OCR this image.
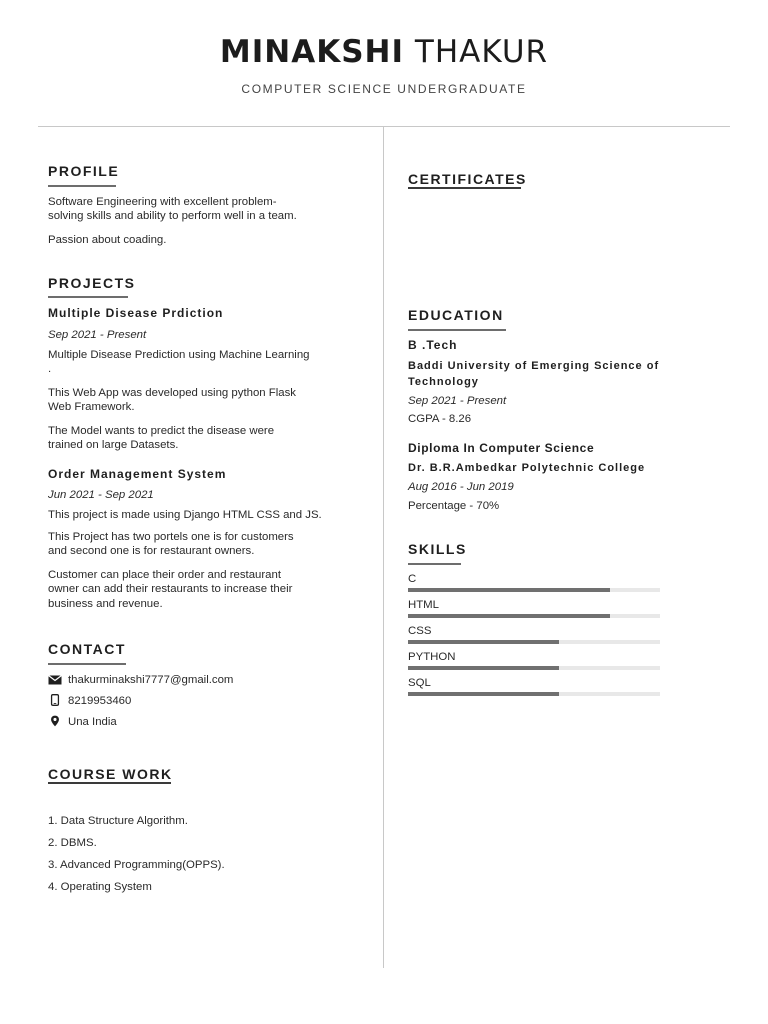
MINAKSHI THAKUR
COMPUTER SCIENCE UNDERGRADUATE
PROFILE
Software Engineering with excellent problem-
solving skills and ability to perform well in a team.
Passion about coading.
PROJECTS
Multiple Disease Prdiction
Sep 2021 - Present
Multiple Disease Prediction using Machine Learning
.
This Web App was developed using python Flask
Web Framework.
The Model wants to predict the disease were
trained on large Datasets.
Order Management System
Jun 2021 - Sep 2021
This project is made using Django HTML CSS and JS.
This Project has two portels one is for customers
and second one is for restaurant owners.
Customer can place their order and restaurant
owner can add their restaurants to increase their
business and revenue.
CONTACT
thakurminakshi7777@gmail.com
8219953460
Una India
COURSE WORK
1. Data Structure Algorithm.
2. DBMS.
3. Advanced Programming(OPPS).
4. Operating System
CERTIFICATES
EDUCATION
B .Tech
Baddi University of Emerging Science of
Technology
Sep 2021 - Present
CGPA - 8.26
Diploma In Computer Science
Dr. B.R.Ambedkar Polytechnic College
Aug 2016 - Jun 2019
Percentage - 70%
SKILLS
C
HTML
CSS
PYTHON
SQL
